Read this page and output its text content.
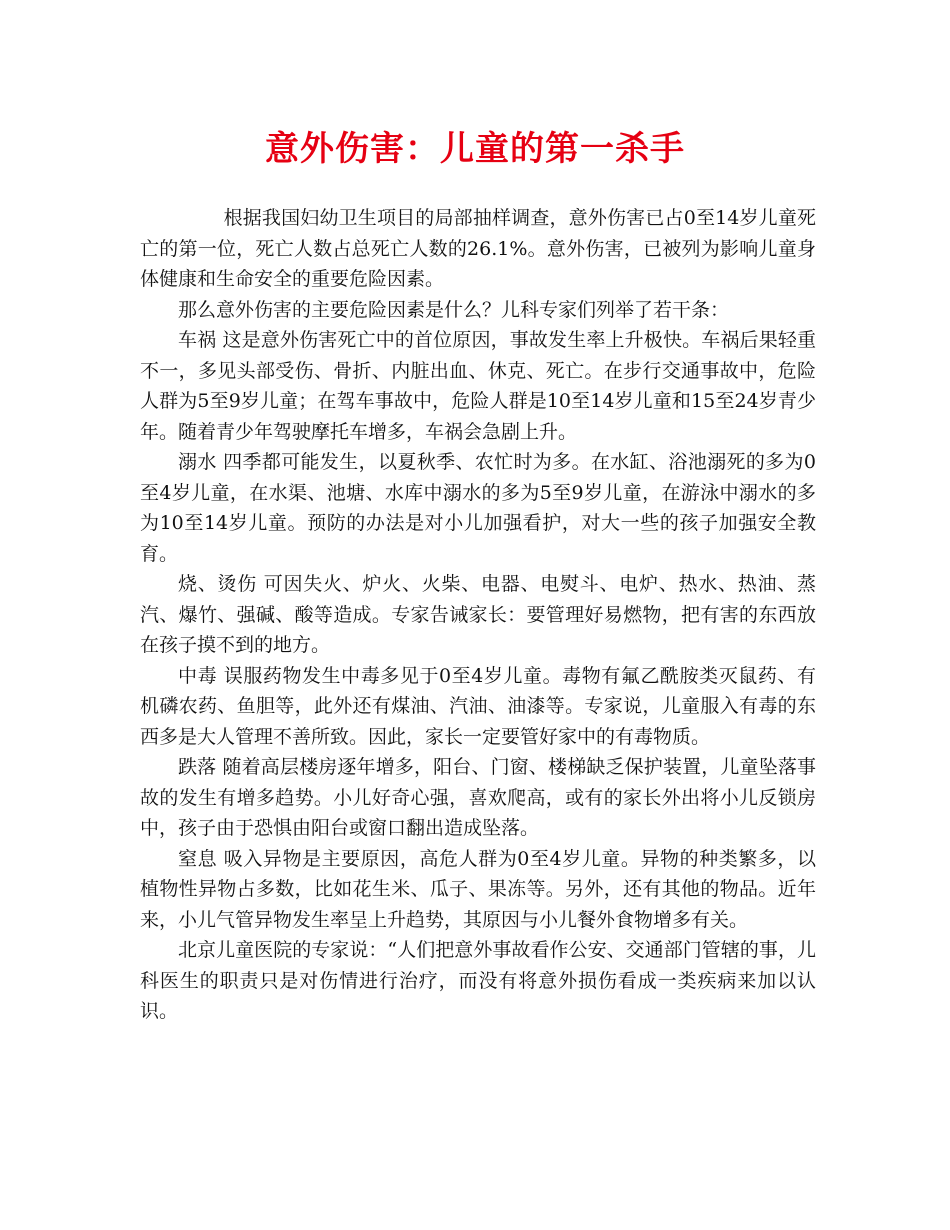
意外伤害：儿童的第一杀手

根据我国妇幼卫生项目的局部抽样调查，意外伤害已占0至14岁儿童死亡的第一位，死亡人数占总死亡人数的26.1%。意外伤害，已被列为影响儿童身体健康和生命安全的重要危险因素。

那么意外伤害的主要危险因素是什么？儿科专家们列举了若干条：

车祸 这是意外伤害死亡中的首位原因，事故发生率上升极快。车祸后果轻重不一，多见头部受伤、骨折、内脏出血、休克、死亡。在步行交通事故中，危险人群为5至9岁儿童；在驾车事故中，危险人群是10至14岁儿童和15至24岁青少年。随着青少年驾驶摩托车增多，车祸会急剧上升。

溺水 四季都可能发生，以夏秋季、农忙时为多。在水缸、浴池溺死的多为0至4岁儿童，在水渠、池塘、水库中溺水的多为5至9岁儿童，在游泳中溺水的多为10至14岁儿童。预防的办法是对小儿加强看护，对大一些的孩子加强安全教育。

烧、烫伤 可因失火、炉火、火柴、电器、电熨斗、电炉、热水、热油、蒸汽、爆竹、强碱、酸等造成。专家告诫家长：要管理好易燃物，把有害的东西放在孩子摸不到的地方。

中毒 误服药物发生中毒多见于0至4岁儿童。毒物有氟乙酰胺类灭鼠药、有机磷农药、鱼胆等，此外还有煤油、汽油、油漆等。专家说，儿童服入有毒的东西多是大人管理不善所致。因此，家长一定要管好家中的有毒物质。

跌落 随着高层楼房逐年增多，阳台、门窗、楼梯缺乏保护装置，儿童坠落事故的发生有增多趋势。小儿好奇心强，喜欢爬高，或有的家长外出将小儿反锁房中，孩子由于恐惧由阳台或窗口翻出造成坠落。

窒息 吸入异物是主要原因，高危人群为0至4岁儿童。异物的种类繁多，以植物性异物占多数，比如花生米、瓜子、果冻等。另外，还有其他的物品。近年来，小儿气管异物发生率呈上升趋势，其原因与小儿餐外食物增多有关。

北京儿童医院的专家说：“人们把意外事故看作公安、交通部门管辖的事，儿科医生的职责只是对伤情进行治疗，而没有将意外损伤看成一类疾病来加以认识。
